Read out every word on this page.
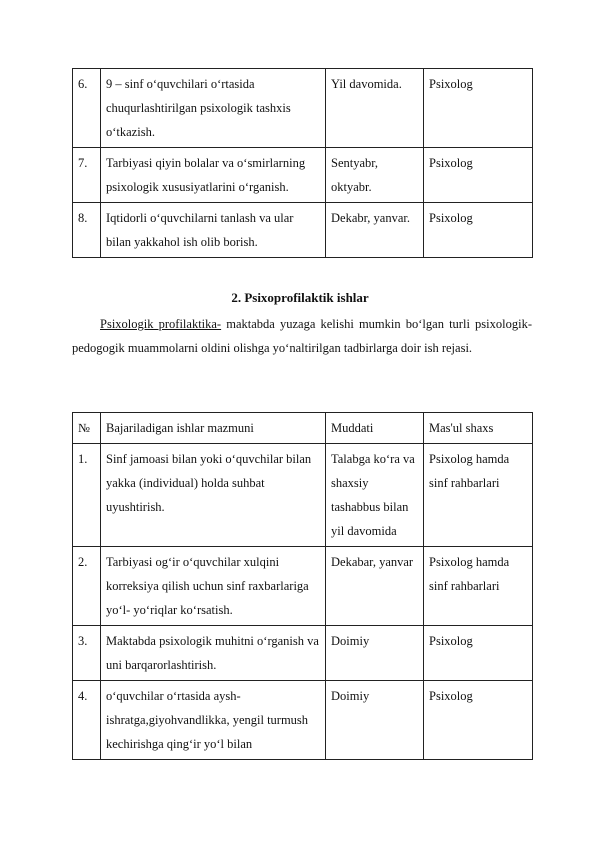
6.	9 – sinf o‘quvchilari o‘rtasida chuqurlashtirilgan psixologik tashxis o‘tkazish.	Yil davomida.	Psixolog
7.	Tarbiyasi qiyin bolalar va o‘smirlarning psixologik xususiyatlarini o‘rganish.	Sentyabr, oktyabr.	Psixolog
8.	Iqtidorli o‘quvchilarni tanlash va ular bilan yakkahol ish olib borish.	Dekabr, yanvar.	Psixolog
2. Psixoprofilaktik ishlar

Psixologik profilaktika- maktabda yuzaga kelishi mumkin bo‘lgan turli psixologik- pedogogik muammolarni oldini olishga yo‘naltirilgan tadbirlarga doir ish rejasi.

№	Bajariladigan ishlar mazmuni	Muddati	Mas'ul shaxs
1.	Sinf jamoasi bilan yoki o‘quvchilar bilan yakka (individual) holda suhbat uyushtirish.	Talabga ko‘ra va shaxsiy tashabbus bilan yil davomida	Psixolog hamda sinf rahbarlari
2.	Tarbiyasi og‘ir o‘quvchilar xulqini korreksiya qilish uchun sinf raxbarlariga yo‘l- yo‘riqlar ko‘rsatish.	Dekabar, yanvar	Psixolog hamda sinf rahbarlari
3.	Maktabda psixologik muhitni o‘rganish va uni barqarorlashtirish.	Doimiy	Psixolog
4.	o‘quvchilar o‘rtasida aysh-ishratga,giyohvandlikka, yengil turmush kechirishga qing‘ir yo‘l bilan	Doimiy	Psixolog
